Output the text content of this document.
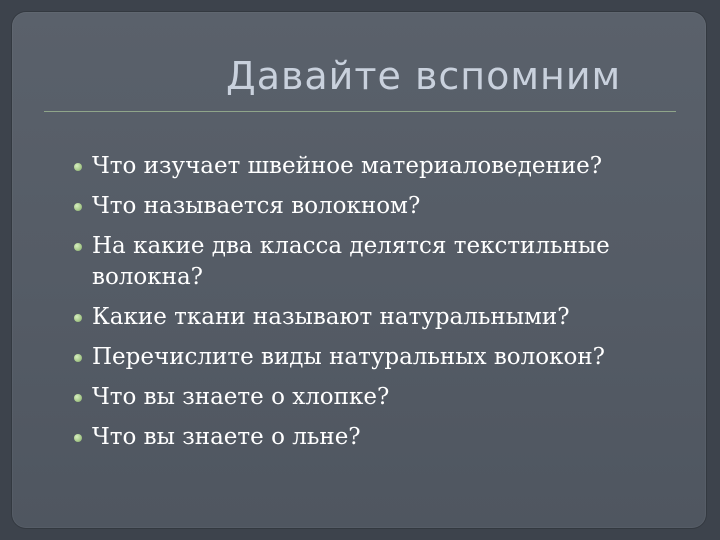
Давайте вспомним
Что изучает швейное материаловедение?
Что называется волокном?
На какие два класса делятся текстильные волокна?
Какие ткани называют натуральными?
Перечислите виды натуральных волокон?
Что вы знаете о хлопке?
Что вы знаете о льне?
